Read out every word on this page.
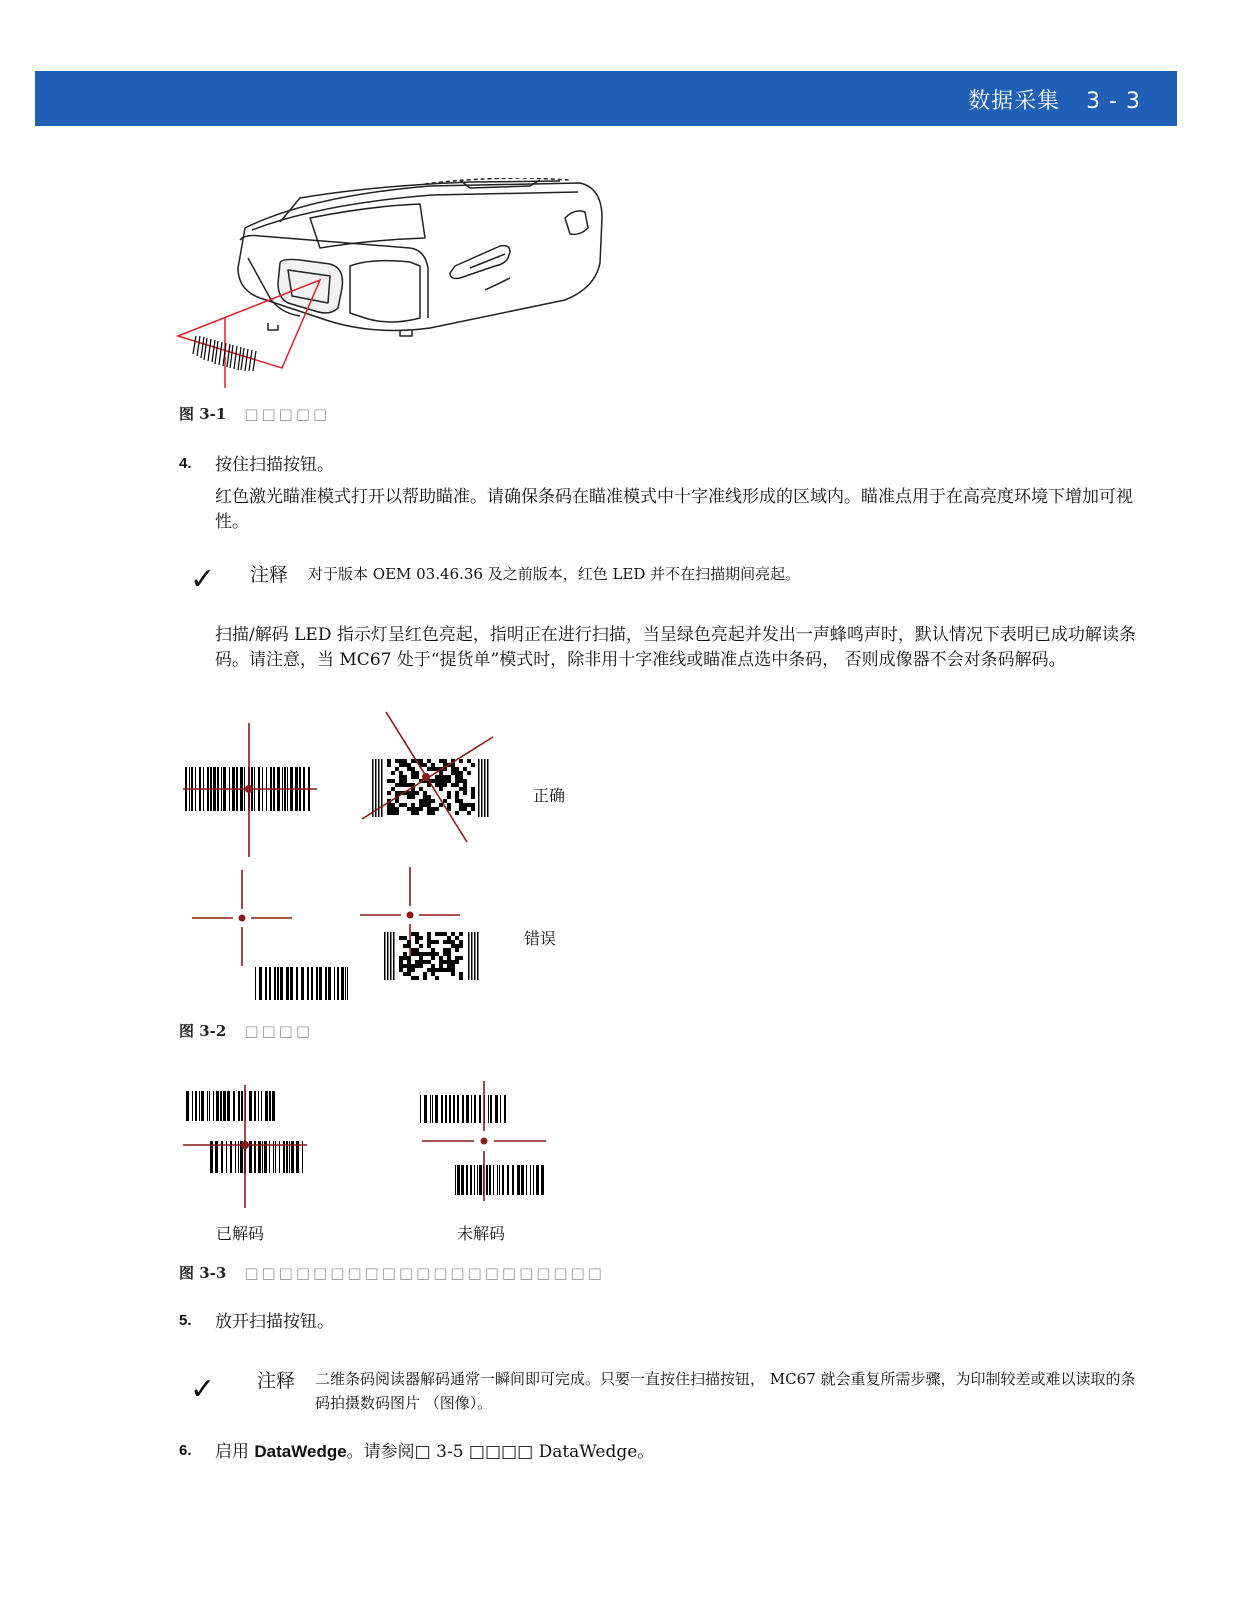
数据采集 3 - 3
图 3-1 □□□□□
4. 按住扫描按钮。
红色激光瞄准模式打开以帮助瞄准。请确保条码在瞄准模式中十字准线形成的区域内。瞄准点用于在高亮度环境下增加可视性。
✓ 注释 对于版本 OEM 03.46.36 及之前版本，红色 LED 并不在扫描期间亮起。
扫描/解码 LED 指示灯呈红色亮起，指明正在进行扫描，当呈绿色亮起并发出一声蜂鸣声时，默认情况下表明已成功解读条码。请注意，当 MC67 处于“提货单”模式时，除非用十字准线或瞄准点选中条码， 否则成像器不会对条码解码。
正确
错误
图 3-2 □□□□
已解码	未解码
图 3-3 □□□□□□□□□□□□□□□□□□□□□
5. 放开扫描按钮。
✓ 注释 二维条码阅读器解码通常一瞬间即可完成。只要一直按住扫描按钮， MC67 就会重复所需步骤，为印制较差或难以读取的条码拍摄数码图片 （图像）。
6. 启用 DataWedge。请参阅□ 3-5 □□□□ DataWedge。
